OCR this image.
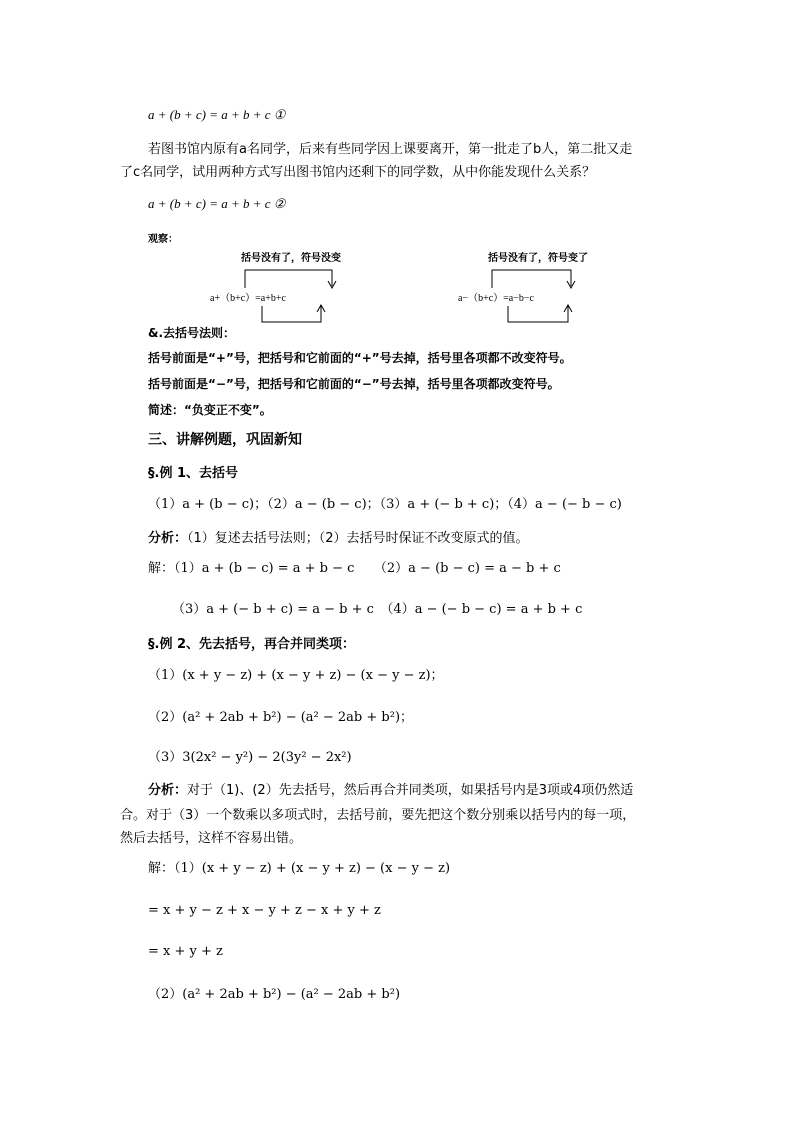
a + (b + c) = a + b + c ①
若图书馆内原有a名同学，后来有些同学因上课要离开，第一批走了b人，第二批又走
了c名同学，试用两种方式写出图书馆内还剩下的同学数，从中你能发现什么关系？
a + (b + c) = a + b + c ②
观察：
括号没有了，符号没变
a+（b+c）=a+b+c
括号没有了，符号变了
a−（b+c）=a−b−c
&.去括号法则：
括号前面是“+”号，把括号和它前面的“+”号去掉，括号里各项都不改变符号。
括号前面是“−”号，把括号和它前面的“−”号去掉，括号里各项都改变符号。
简述：“负变正不变”。
三、讲解例题，巩固新知
§.例 1、去括号
（1）a + (b − c)；（2）a − (b − c)；（3）a + (− b + c)；（4）a − (− b − c)
分析：（1）复述去括号法则；（2）去括号时保证不改变原式的值。
解：（1）a + (b − c) = a + b − c　　（2）a − (b − c) = a − b + c
（3）a + (− b + c) = a − b + c　（4）a − (− b − c) = a + b + c
§.例 2、先去括号，再合并同类项：
（1）(x + y − z) + (x − y + z) − (x − y − z)；
（2）(a² + 2ab + b²) − (a² − 2ab + b²)；
（3）3(2x² − y²) − 2(3y² − 2x²)
分析：对于（1)、(2）先去括号，然后再合并同类项，如果括号内是3项或4项仍然适
合。对于（3）一个数乘以多项式时，去括号前，要先把这个数分别乘以括号内的每一项，
然后去括号，这样不容易出错。
解：（1）(x + y − z) + (x − y + z) − (x − y − z)
= x + y − z + x − y + z − x + y + z
= x + y + z
（2）(a² + 2ab + b²) − (a² − 2ab + b²)
